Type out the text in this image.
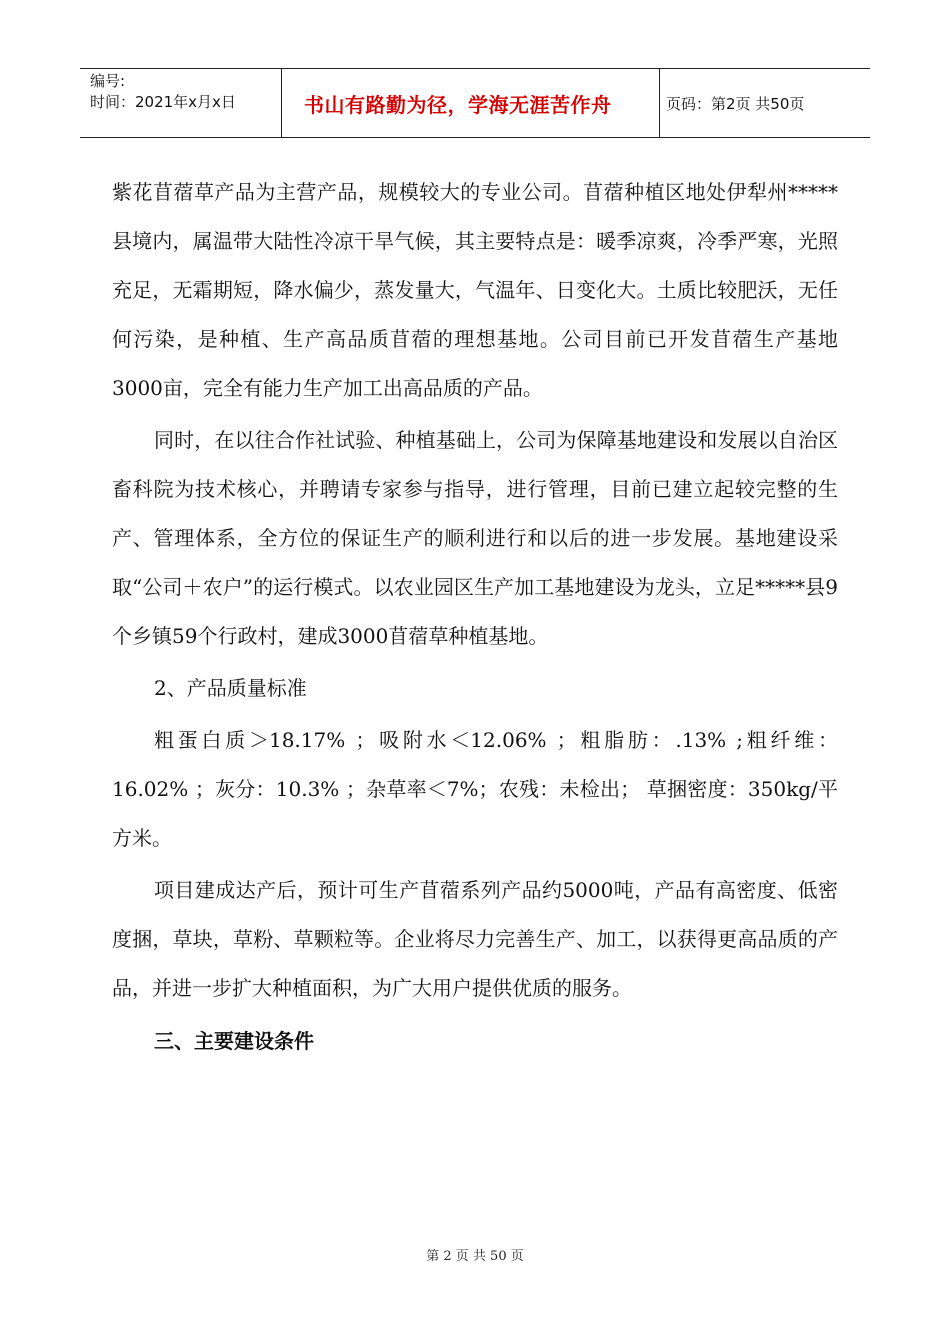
编号:
时间：2021年x月x日	书山有路勤为径，学海无涯苦作舟	页码：第2页 共50页

紫花苜蓿草产品为主营产品，规模较大的专业公司。苜蓿种植区地处伊犁州*****县境内，属温带大陆性冷凉干旱气候，其主要特点是：暖季凉爽，冷季严寒，光照充足，无霜期短，降水偏少，蒸发量大，气温年、日变化大。土质比较肥沃，无任何污染，是种植、生产高品质苜蓿的理想基地。公司目前已开发苜蓿生产基地3000亩，完全有能力生产加工出高品质的产品。

同时，在以往合作社试验、种植基础上，公司为保障基地建设和发展以自治区畜科院为技术核心，并聘请专家参与指导，进行管理，目前已建立起较完整的生产、管理体系，全方位的保证生产的顺利进行和以后的进一步发展。基地建设采取“公司＋农户”的运行模式。以农业园区生产加工基地建设为龙头，立足*****县9个乡镇59个行政村，建成3000苜蓿草种植基地。

2、产品质量标准

粗蛋白质＞18.17% ；吸附水＜12.06% ；粗脂肪：.13% ;粗纤维：16.02% ；灰分：10.3% ；杂草率＜7%；农残：未检出； 草捆密度：350kg/平方米。

项目建成达产后，预计可生产苜蓿系列产品约5000吨，产品有高密度、低密度捆，草块，草粉、草颗粒等。企业将尽力完善生产、加工，以获得更高品质的产品，并进一步扩大种植面积，为广大用户提供优质的服务。

三、主要建设条件

第 2 页 共 50 页
